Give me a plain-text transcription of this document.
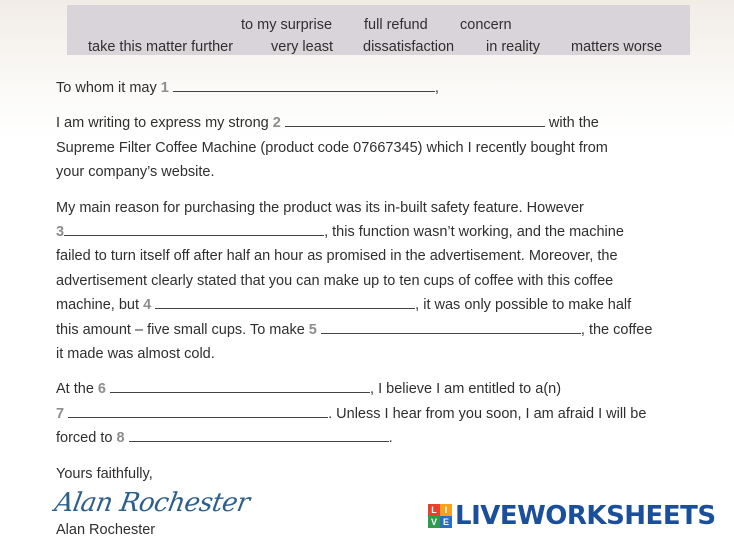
to my surprise full refund concern
take this matter further	very least dissatisfaction in reality matters worse

To whom it may 1	,

I am writing to express my strong 2	with the
Supreme Filter Coffee Machine (product code 07667345) which I recently bought from
your company’s website.

My main reason for purchasing the product was its in-built safety feature. However
3	, this function wasn’t working, and the machine
failed to turn itself off after half an hour as promised in the advertisement. Moreover, the
advertisement clearly stated that you can make up to ten cups of coffee with this coffee
machine, but 4	, it was only possible to make half
this amount – five small cups. To make 5	, the coffee
it made was almost cold.

At the 6	, I believe I am entitled to a(n)
7	. Unless I hear from you soon, I am afraid I will be
forced to 8	.

Yours faithfully,

Alan Rochester
Alan Rochester
L I
V E LIVEWORKSHEETS
